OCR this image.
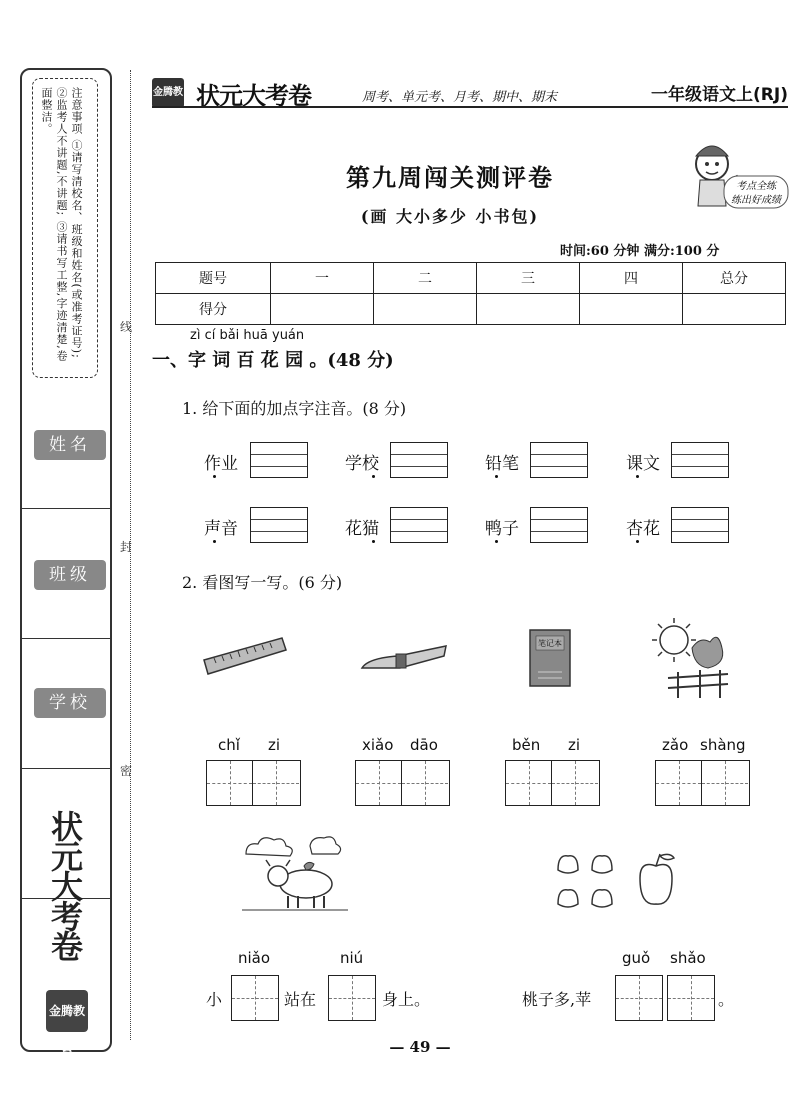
注意事项 ①请写清校名、班级和姓名(或准考证号); ②监考人不讲题,不讲题; ③请书写工整,字迹清楚,卷面整洁。
姓名
班级
学校
状元大考卷
金腾教育
线
封
密
金腾教育
状元大考卷	周考、单元考、月考、期中、期末	一年级语文上(RJ)
第九周闯关测评卷
(画 大小多少 小书包)
考点全练
练出好成绩
时间:60 分钟 满分:100 分
题号	一	二	三	四	总分
得分					
zì cí bǎi huā yuán
一、字 词 百 花 园 。(48 分)
1. 给下面的加点字注音。(8 分)
作业	学校	铅笔	课文
声音	花猫	鸭子	杏花
2. 看图写一写。(6 分)
笔记本
chǐ zi	xiǎo dāo	běn zi	zǎo shàng
niǎo	niú
小	站在	身上。
guǒ shǎo
桃子多,苹	。
— 49 —
